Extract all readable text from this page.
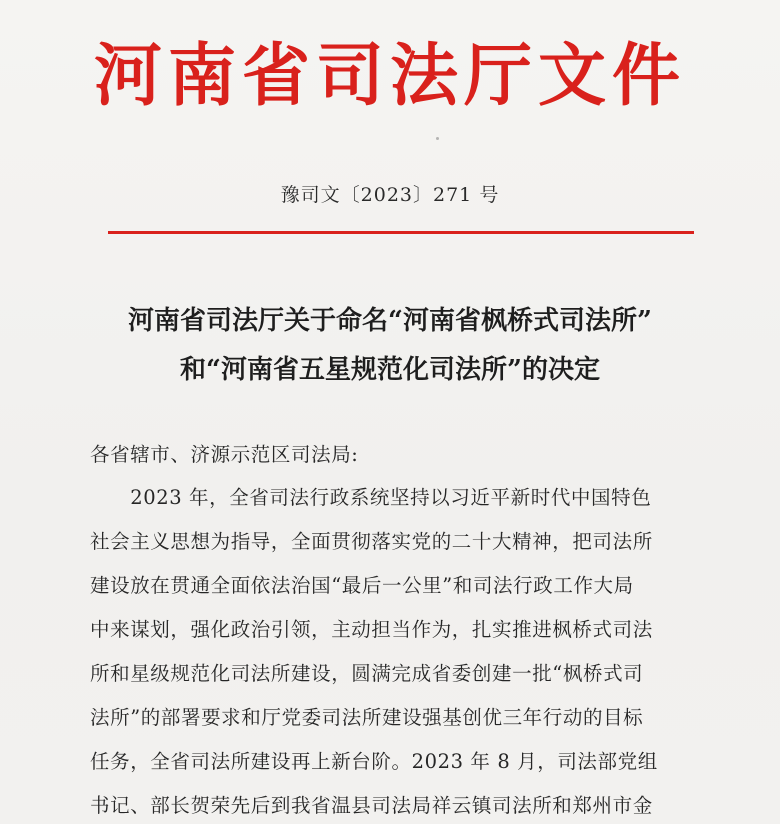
河南省司法厅文件
豫司文〔2023〕271 号
河南省司法厅关于命名“河南省枫桥式司法所”
和“河南省五星规范化司法所”的决定
各省辖市、济源示范区司法局:
　　2023 年，全省司法行政系统坚持以习近平新时代中国特色
社会主义思想为指导，全面贯彻落实党的二十大精神，把司法所
建设放在贯通全面依法治国“最后一公里”和司法行政工作大局
中来谋划，强化政治引领，主动担当作为，扎实推进枫桥式司法
所和星级规范化司法所建设，圆满完成省委创建一批“枫桥式司
法所”的部署要求和厅党委司法所建设强基创优三年行动的目标
任务，全省司法所建设再上新台阶。2023 年 8 月，司法部党组
书记、部长贺荣先后到我省温县司法局祥云镇司法所和郑州市金
